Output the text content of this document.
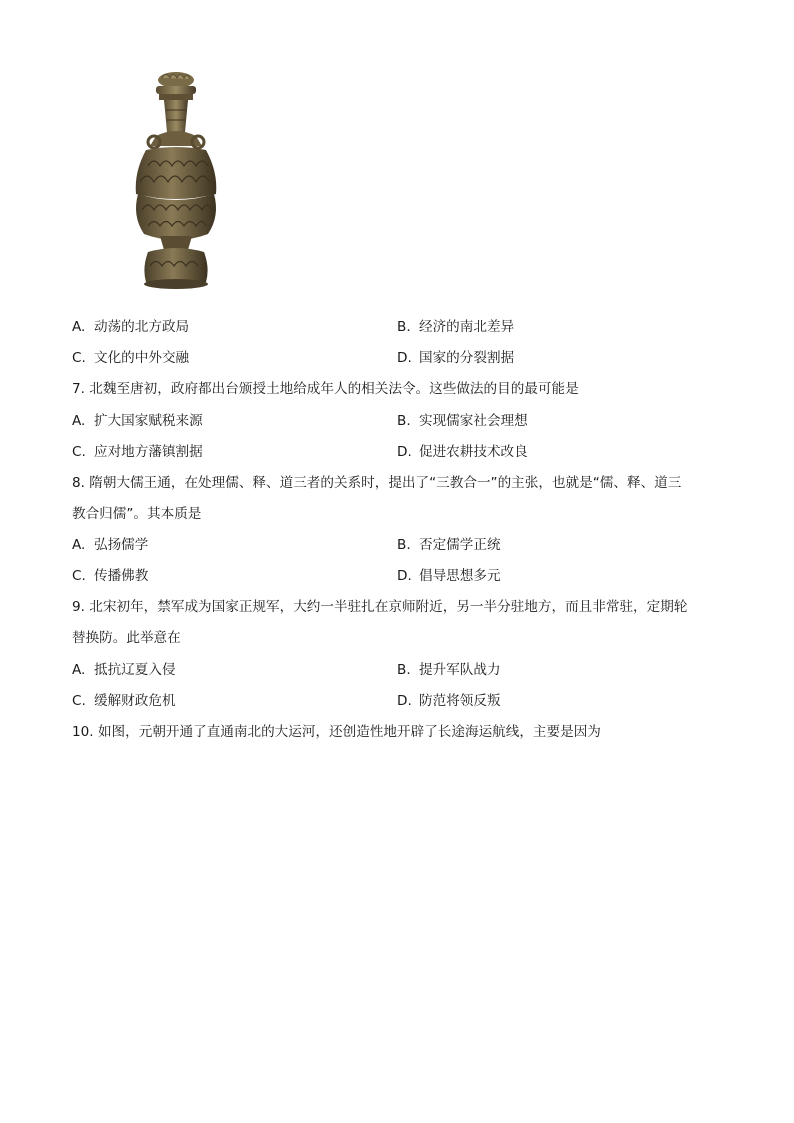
A. 动荡的北方政局	B. 经济的南北差异
C. 文化的中外交融	D. 国家的分裂割据
7. 北魏至唐初，政府都出台颁授土地给成年人的相关法令。这些做法的目的最可能是
A. 扩大国家赋税来源	B. 实现儒家社会理想
C. 应对地方藩镇割据	D. 促进农耕技术改良
8. 隋朝大儒王通，在处理儒、释、道三者的关系时，提出了“三教合一”的主张，也就是“儒、释、道三
教合归儒”。其本质是
A. 弘扬儒学	B. 否定儒学正统
C. 传播佛教	D. 倡导思想多元
9. 北宋初年，禁军成为国家正规军，大约一半驻扎在京师附近，另一半分驻地方，而且非常驻，定期轮
替换防。此举意在
A. 抵抗辽夏入侵	B. 提升军队战力
C. 缓解财政危机	D. 防范将领反叛
10. 如图，元朝开通了直通南北的大运河，还创造性地开辟了长途海运航线，主要是因为
